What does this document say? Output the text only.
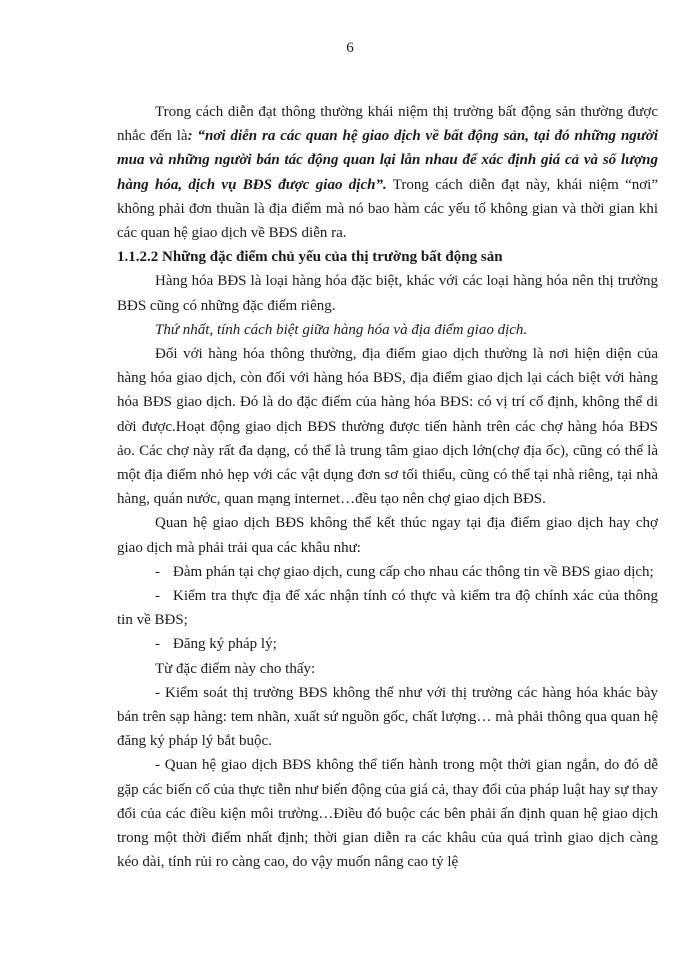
6

Trong cách diễn đạt thông thường khái niệm thị trường bất động sản thường được nhắc đến là: “nơi diễn ra các quan hệ giao dịch về bất động sản, tại đó những người mua và những người bán tác động quan lại lẫn nhau để xác định giá cả và số lượng hàng hóa, dịch vụ BĐS được giao dịch”. Trong cách diễn đạt này, khái niệm “nơi” không phải đơn thuần là địa điểm mà nó bao hàm các yếu tố không gian và thời gian khi các quan hệ giao dịch về BĐS diễn ra.

1.1.2.2 Những đặc điểm chủ yếu của thị trường bất động sản

Hàng hóa BĐS là loại hàng hóa đặc biệt, khác với các loại hàng hóa nên thị trường BĐS cũng có những đặc điểm riêng.

Thứ nhất, tính cách biệt giữa hàng hóa và địa điểm giao dịch.

Đối với hàng hóa thông thường, địa điểm giao dịch thường là nơi hiện diện của hàng hóa giao dịch, còn đối với hàng hóa BĐS, địa điểm giao dịch lại cách biệt với hàng hóa BĐS giao dịch. Đó là do đặc điểm của hàng hóa BĐS: có vị trí cố định, không thể di dời được.Hoạt động giao dịch BĐS thường được tiến hành trên các chợ hàng hóa BĐS ảo. Các chợ này rất đa dạng, có thể là trung tâm giao dịch lớn(chợ địa ốc), cũng có thể là một địa điểm nhỏ hẹp với các vật dụng đơn sơ tối thiểu, cũng có thể tại nhà riêng, tại nhà hàng, quán nước, quan mạng internet…đều tạo nên chợ giao dịch BĐS.

Quan hệ giao dịch BĐS không thể kết thúc ngay tại địa điểm giao dịch hay chợ giao dịch mà phải trải qua các khâu như:

- Đàm phán tại chợ giao dịch, cung cấp cho nhau các thông tin về BĐS giao dịch;

- Kiểm tra thực địa để xác nhận tính có thực và kiểm tra độ chính xác của thông tin về BĐS;

- Đăng ký pháp lý;

Từ đặc điểm này cho thấy:

- Kiểm soát thị trường BĐS không thể như với thị trường các hàng hóa khác bày bán trên sạp hàng: tem nhãn, xuất sứ nguồn gốc, chất lượng… mà phải thông qua quan hệ đăng ký pháp lý bắt buộc.

- Quan hệ giao dịch BĐS không thể tiến hành trong một thời gian ngắn, do đó dễ gặp các biến cố của thực tiễn như biến động của giá cả, thay đổi của pháp luật hay sự thay đổi của các điều kiện môi trường…Điều đó buộc các bên phải ấn định quan hệ giao dịch trong một thời điểm nhất định; thời gian diễn ra các khâu của quá trình giao dịch càng kéo dài, tính rủi ro càng cao, do vậy muốn nâng cao tỷ lệ
